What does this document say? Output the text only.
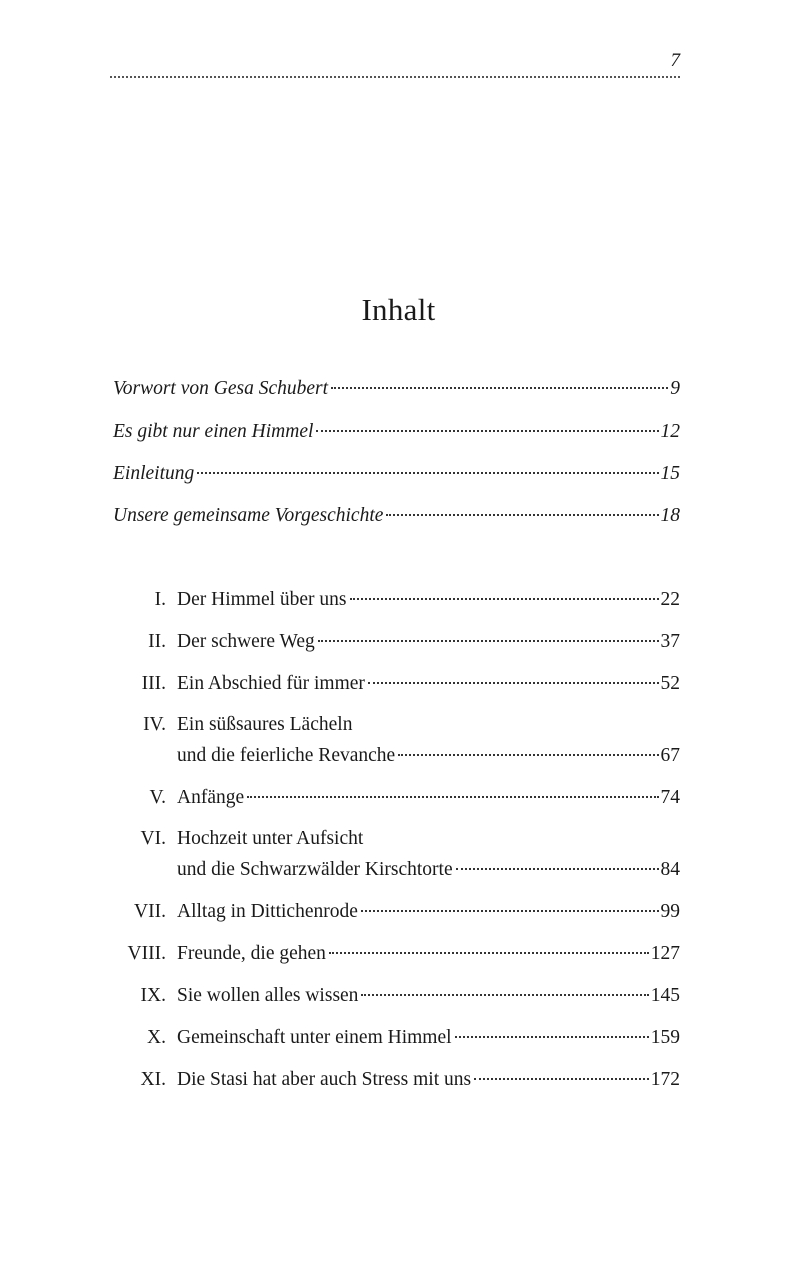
7
Inhalt
Vorwort von Gesa Schubert	9
Es gibt nur einen Himmel	12
Einleitung	15
Unsere gemeinsame Vorgeschichte	18
I. Der Himmel über uns	22
II. Der schwere Weg	37
III. Ein Abschied für immer	52
IV. Ein süßsaures Lächeln
und die feierliche Revanche	67
V. Anfänge	74
VI. Hochzeit unter Aufsicht
und die Schwarzwälder Kirschtorte	84
VII. Alltag in Dittichenrode	99
VIII. Freunde, die gehen	127
IX. Sie wollen alles wissen	145
X. Gemeinschaft unter einem Himmel	159
XI. Die Stasi hat aber auch Stress mit uns	172
